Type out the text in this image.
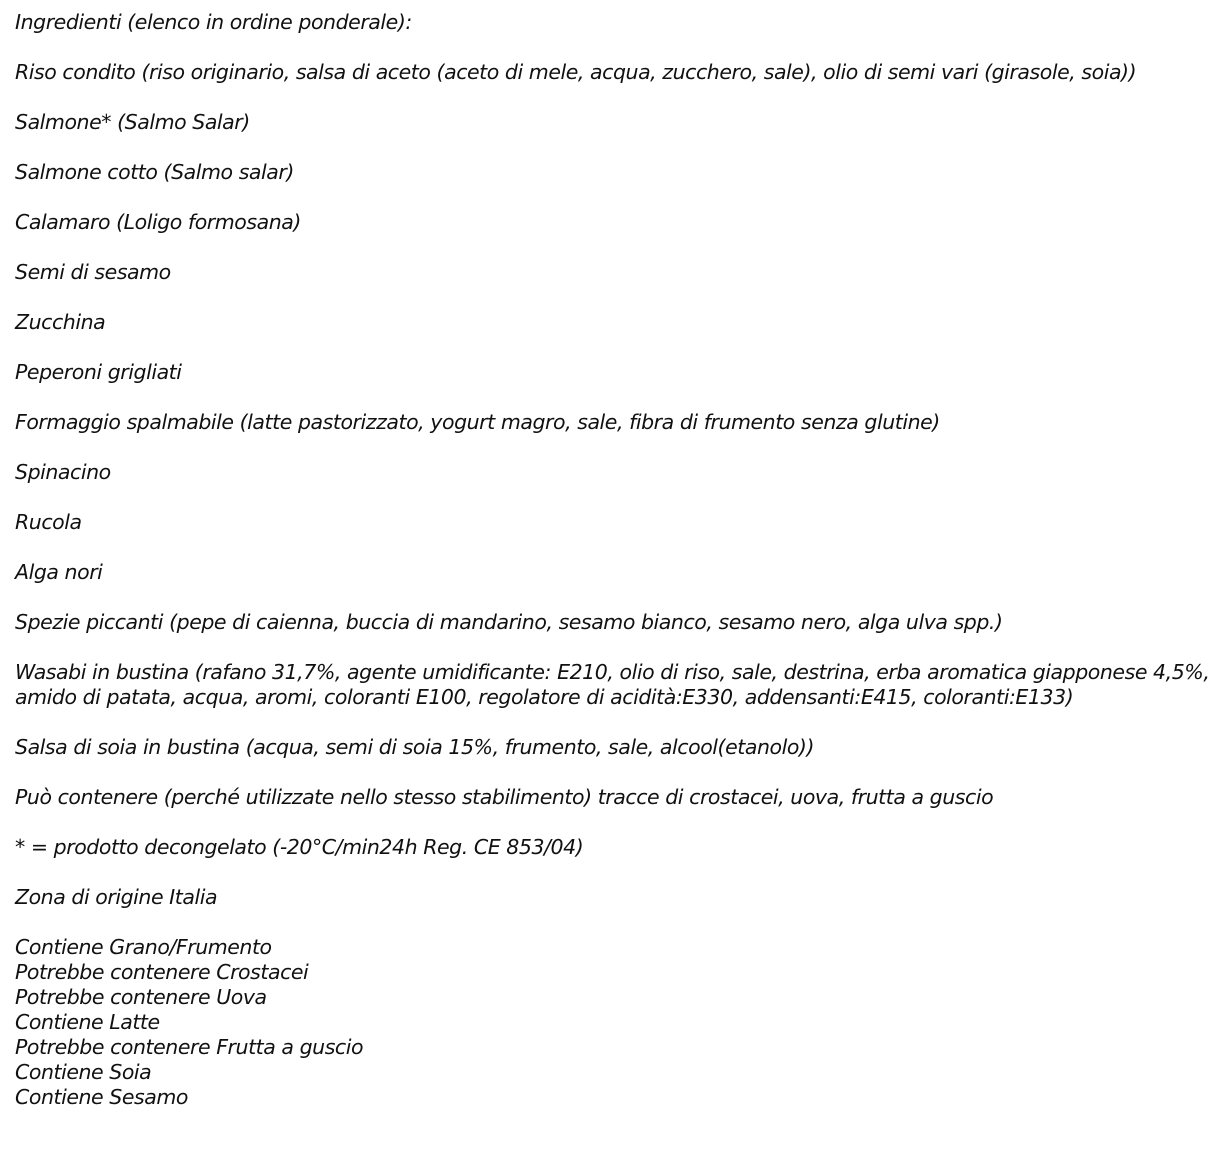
Ingredienti (elenco in ordine ponderale):

Riso condito (riso originario, salsa di aceto (aceto di mele, acqua, zucchero, sale), olio di semi vari (girasole, soia))

Salmone* (Salmo Salar)

Salmone cotto (Salmo salar)

Calamaro (Loligo formosana)

Semi di sesamo

Zucchina

Peperoni grigliati

Formaggio spalmabile (latte pastorizzato, yogurt magro, sale, fibra di frumento senza glutine)

Spinacino

Rucola

Alga nori

Spezie piccanti (pepe di caienna, buccia di mandarino, sesamo bianco, sesamo nero, alga ulva spp.)

Wasabi in bustina (rafano 31,7%, agente umidificante: E210, olio di riso, sale, destrina, erba aromatica giapponese 4,5%, amido di patata, acqua, aromi, coloranti E100, regolatore di acidità:E330, addensanti:E415, coloranti:E133)

Salsa di soia in bustina (acqua, semi di soia 15%, frumento, sale, alcool(etanolo))

Può contenere (perché utilizzate nello stesso stabilimento) tracce di crostacei, uova, frutta a guscio

* = prodotto decongelato (-20°C/min24h Reg. CE 853/04)

Zona di origine Italia

Contiene Grano/Frumento
Potrebbe contenere Crostacei
Potrebbe contenere Uova
Contiene Latte
Potrebbe contenere Frutta a guscio
Contiene Soia
Contiene Sesamo
